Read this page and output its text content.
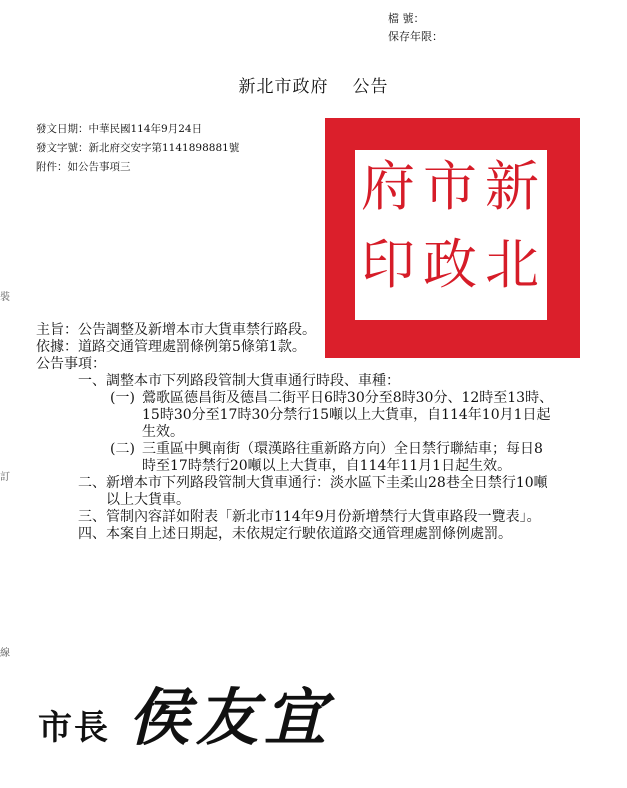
檔 號：
保存年限：
新北市政府 公告
發文日期：中華民國114年9月24日
發文字號：新北府交安字第1141898881號
附件：如公告事項三	新
北
市
政
府
印
主旨： 公告調整及新增本市大貨車禁行路段。
依據： 道路交通管理處罰條例第5條第1款。
公告事項：
一、 調整本市下列路段管制大貨車通行時段、車種：
(一) 鶯歌區德昌街及德昌二街平日6時30分至8時30分、12時至13時、15時30分至17時30分禁行15噸以上大貨車，自114年10月1日起生效。
(二) 三重區中興南街（環漢路往重新路方向）全日禁行聯結車；每日8時至17時禁行20噸以上大貨車，自114年11月1日起生效。
二、 新增本市下列路段管制大貨車通行：淡水區下圭柔山28巷全日禁行10噸以上大貨車。
三、 管制內容詳如附表「新北市114年9月份新增禁行大貨車路段一覽表」。
四、 本案自上述日期起，未依規定行駛依道路交通管理處罰條例處罰。
裝
訂
線
市長 侯友宜
